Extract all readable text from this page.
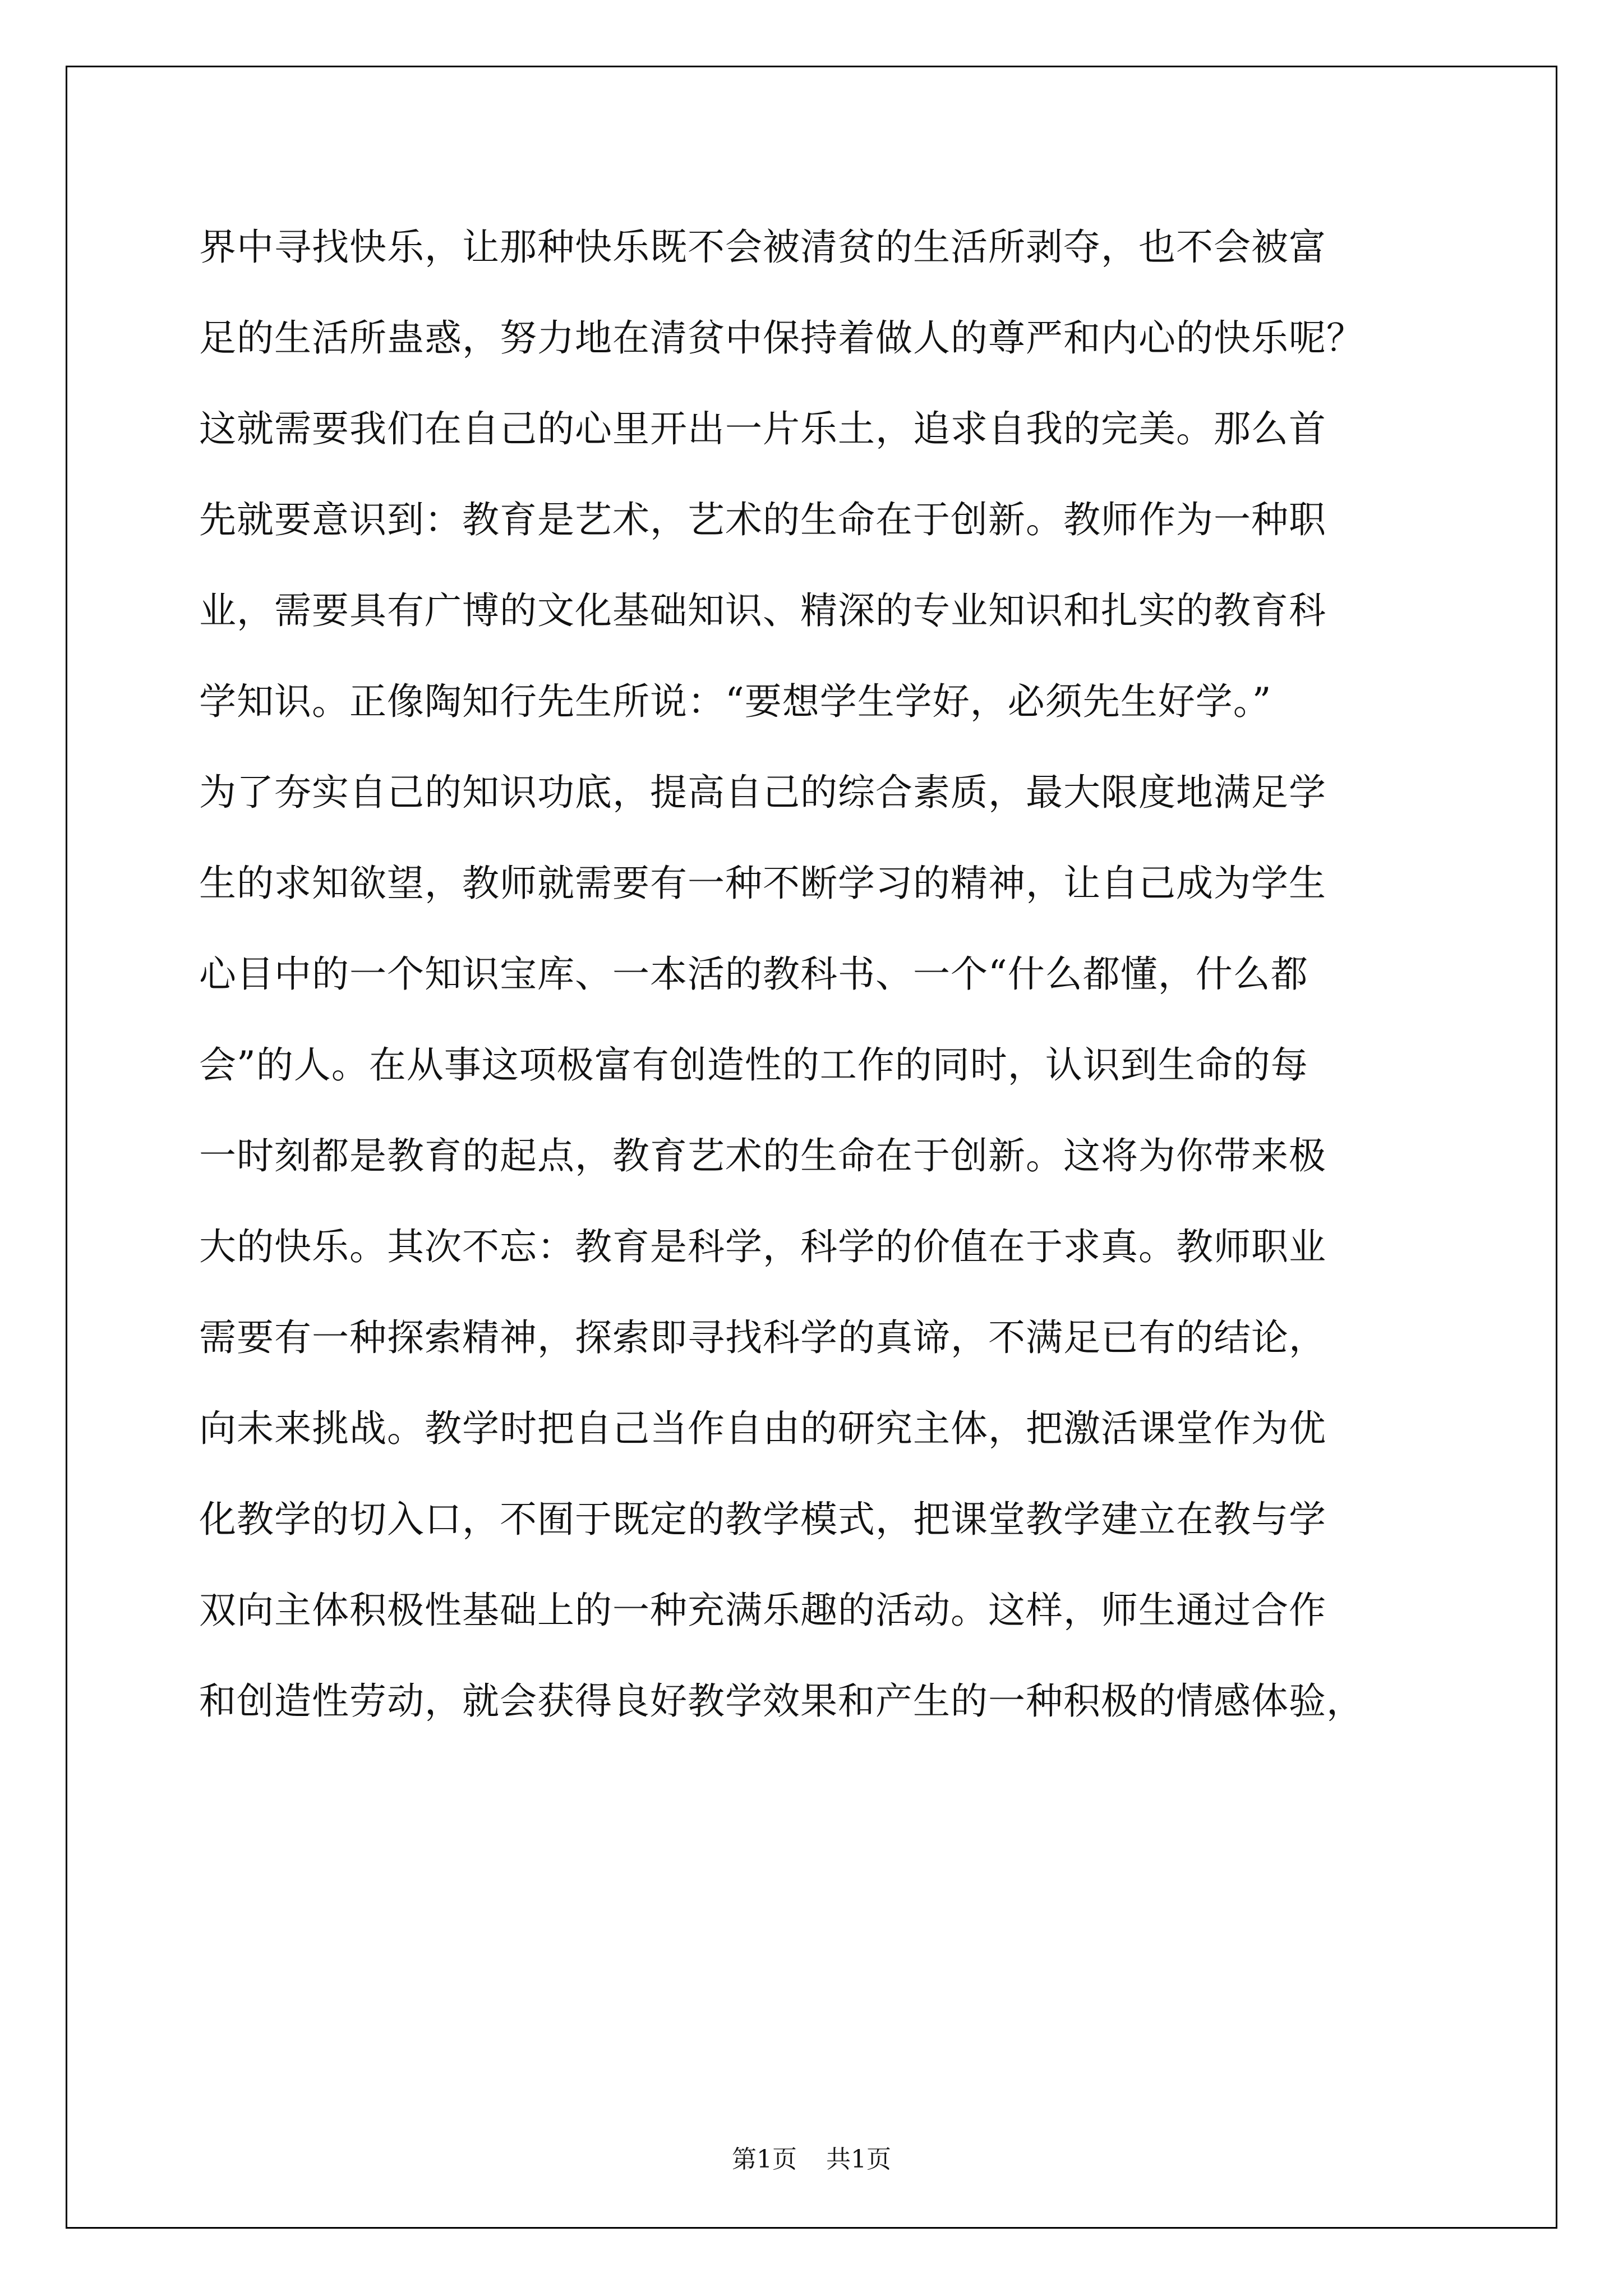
界中寻找快乐，让那种快乐既不会被清贫的生活所剥夺，也不会被富
足的生活所蛊惑，努力地在清贫中保持着做人的尊严和内心的快乐呢？
这就需要我们在自己的心里开出一片乐土，追求自我的完美。那么首
先就要意识到：教育是艺术，艺术的生命在于创新。教师作为一种职
业，需要具有广博的文化基础知识、精深的专业知识和扎实的教育科
学知识。正像陶知行先生所说：“要想学生学好，必须先生好学。”
为了夯实自己的知识功底，提高自己的综合素质，最大限度地满足学
生的求知欲望，教师就需要有一种不断学习的精神，让自己成为学生
心目中的一个知识宝库、一本活的教科书、一个“什么都懂，什么都
会”的人。在从事这项极富有创造性的工作的同时，认识到生命的每
一时刻都是教育的起点，教育艺术的生命在于创新。这将为你带来极
大的快乐。其次不忘：教育是科学，科学的价值在于求真。教师职业
需要有一种探索精神，探索即寻找科学的真谛，不满足已有的结论，
向未来挑战。教学时把自己当作自由的研究主体，把激活课堂作为优
化教学的切入口，不囿于既定的教学模式，把课堂教学建立在教与学
双向主体积极性基础上的一种充满乐趣的活动。这样，师生通过合作
和创造性劳动，就会获得良好教学效果和产生的一种积极的情感体验，
第1页 共1页
